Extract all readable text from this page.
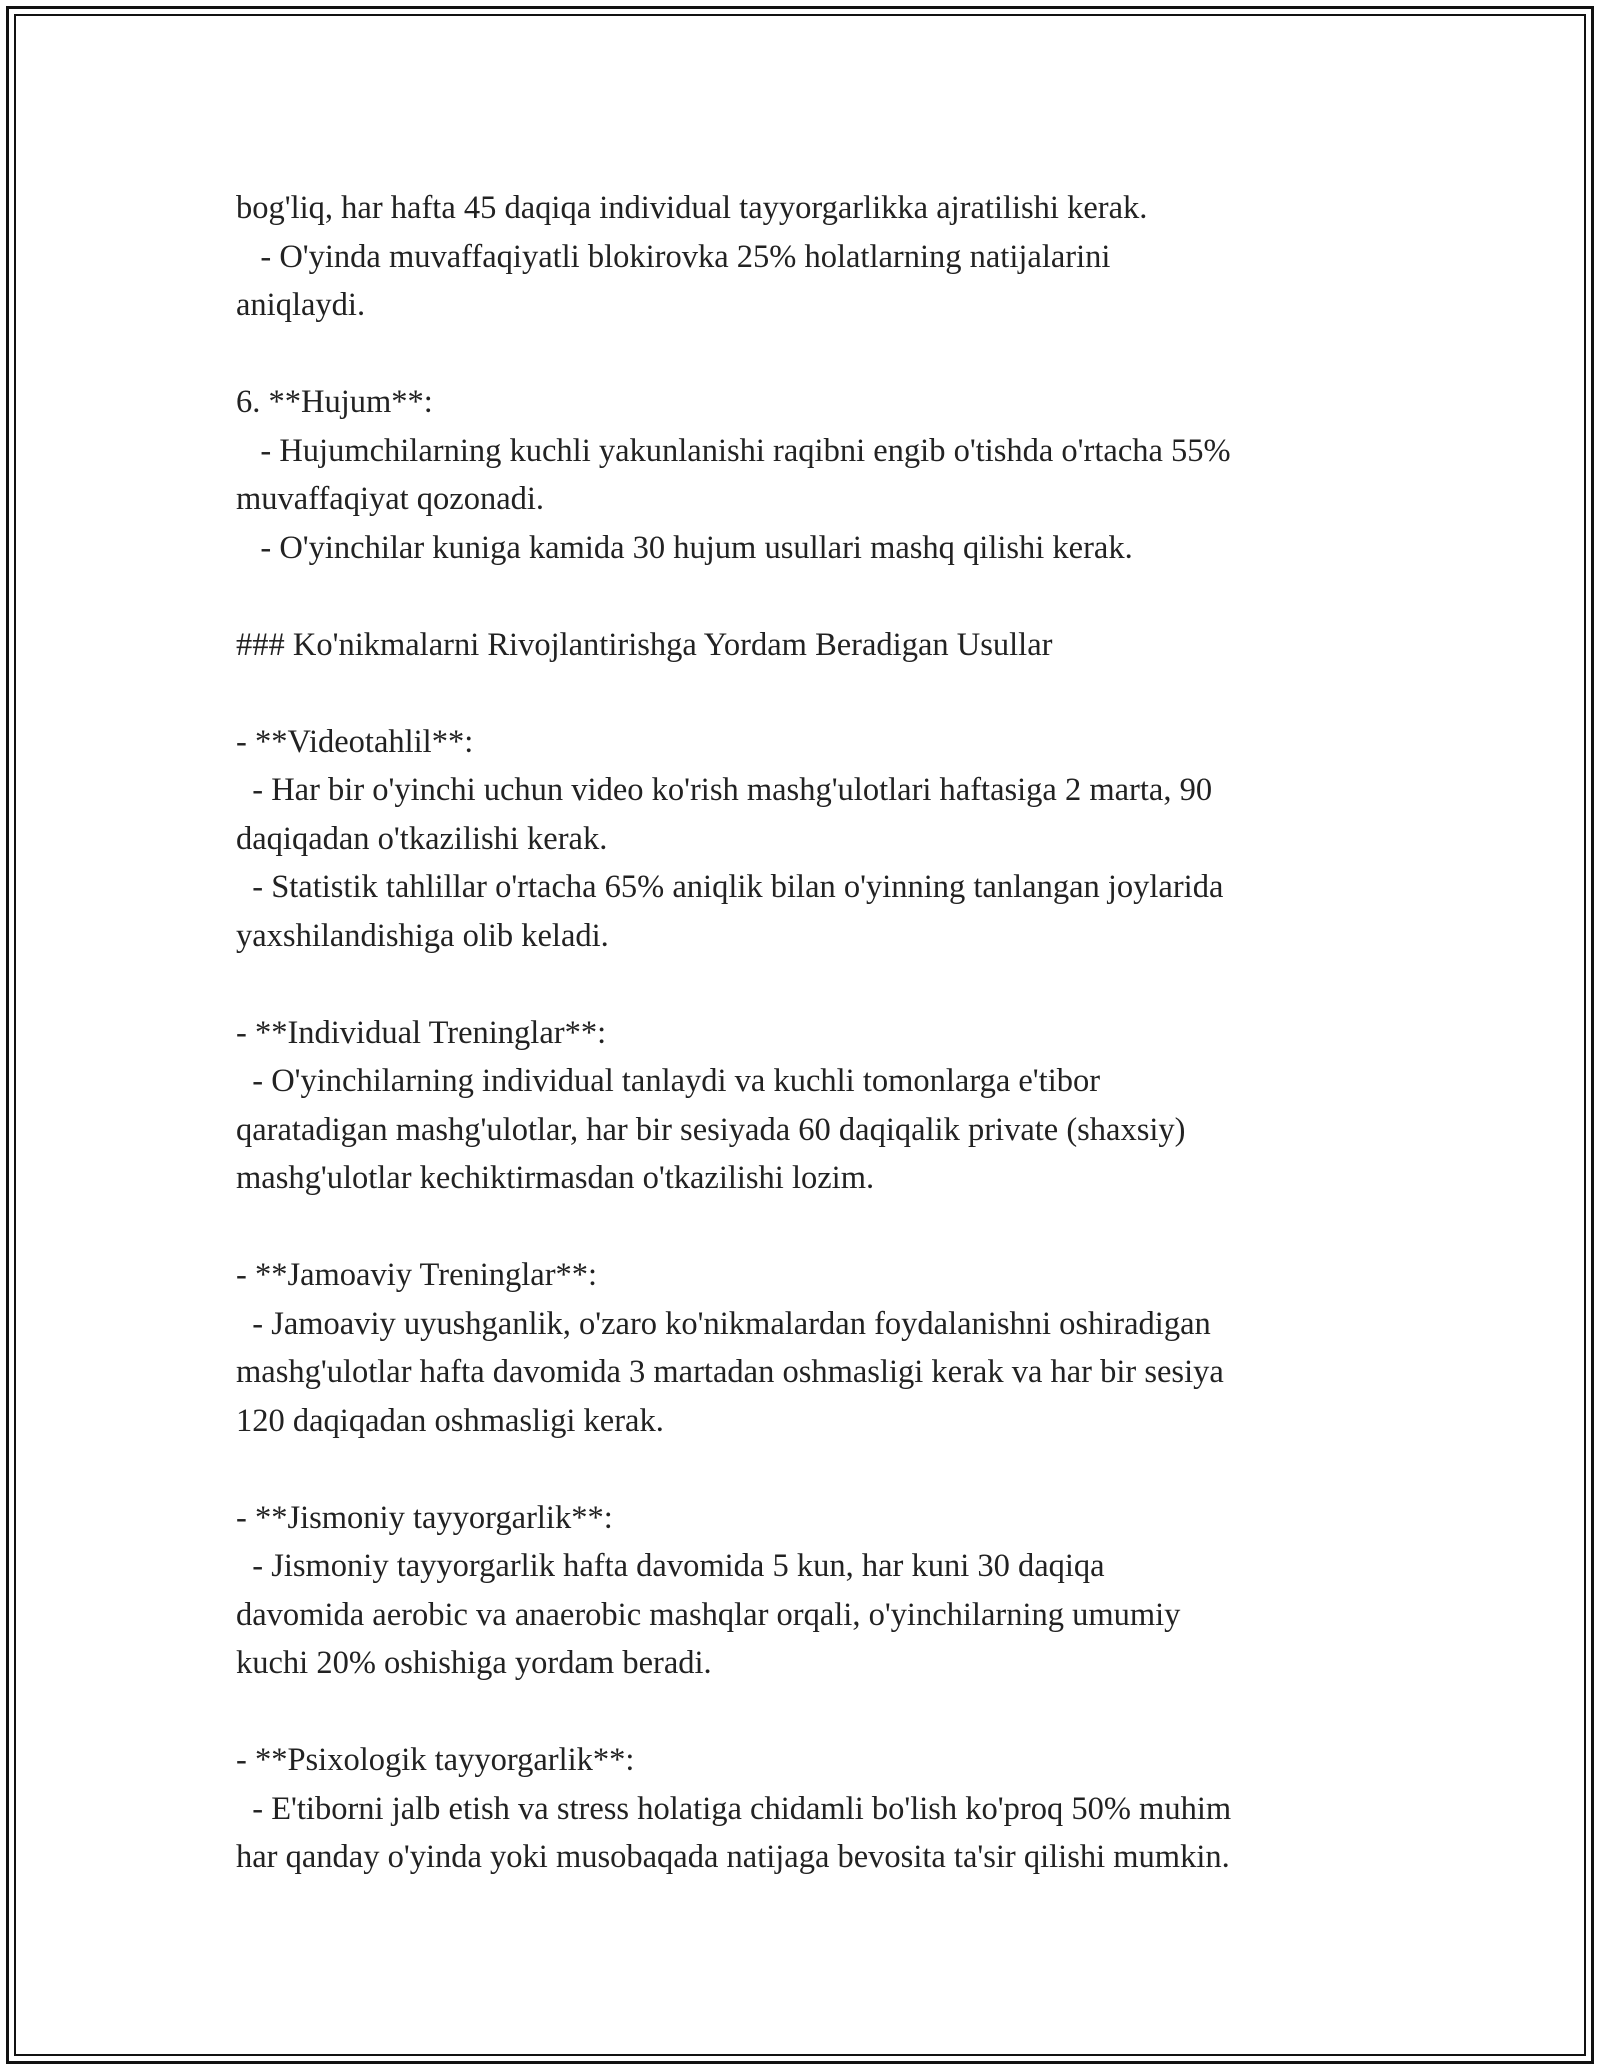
bog'liq, har hafta 45 daqiqa individual tayyorgarlikka ajratilishi kerak.
- O'yinda muvaffaqiyatli blokirovka 25% holatlarning natijalarini
aniqlaydi.
6. **Hujum**:
- Hujumchilarning kuchli yakunlanishi raqibni engib o'tishda o'rtacha 55%
muvaffaqiyat qozonadi.
- O'yinchilar kuniga kamida 30 hujum usullari mashq qilishi kerak.
### Ko'nikmalarni Rivojlantirishga Yordam Beradigan Usullar
- **Videotahlil**:
- Har bir o'yinchi uchun video ko'rish mashg'ulotlari haftasiga 2 marta, 90
daqiqadan o'tkazilishi kerak.
- Statistik tahlillar o'rtacha 65% aniqlik bilan o'yinning tanlangan joylarida
yaxshilandishiga olib keladi.
- **Individual Treninglar**:
- O'yinchilarning individual tanlaydi va kuchli tomonlarga e'tibor
qaratadigan mashg'ulotlar, har bir sesiyada 60 daqiqalik private (shaxsiy)
mashg'ulotlar kechiktirmasdan o'tkazilishi lozim.
- **Jamoaviy Treninglar**:
- Jamoaviy uyushganlik, o'zaro ko'nikmalardan foydalanishni oshiradigan
mashg'ulotlar hafta davomida 3 martadan oshmasligi kerak va har bir sesiya
120 daqiqadan oshmasligi kerak.
- **Jismoniy tayyorgarlik**:
- Jismoniy tayyorgarlik hafta davomida 5 kun, har kuni 30 daqiqa
davomida aerobic va anaerobic mashqlar orqali, o'yinchilarning umumiy
kuchi 20% oshishiga yordam beradi.
- **Psixologik tayyorgarlik**:
- E'tiborni jalb etish va stress holatiga chidamli bo'lish ko'proq 50% muhim
har qanday o'yinda yoki musobaqada natijaga bevosita ta'sir qilishi mumkin.
